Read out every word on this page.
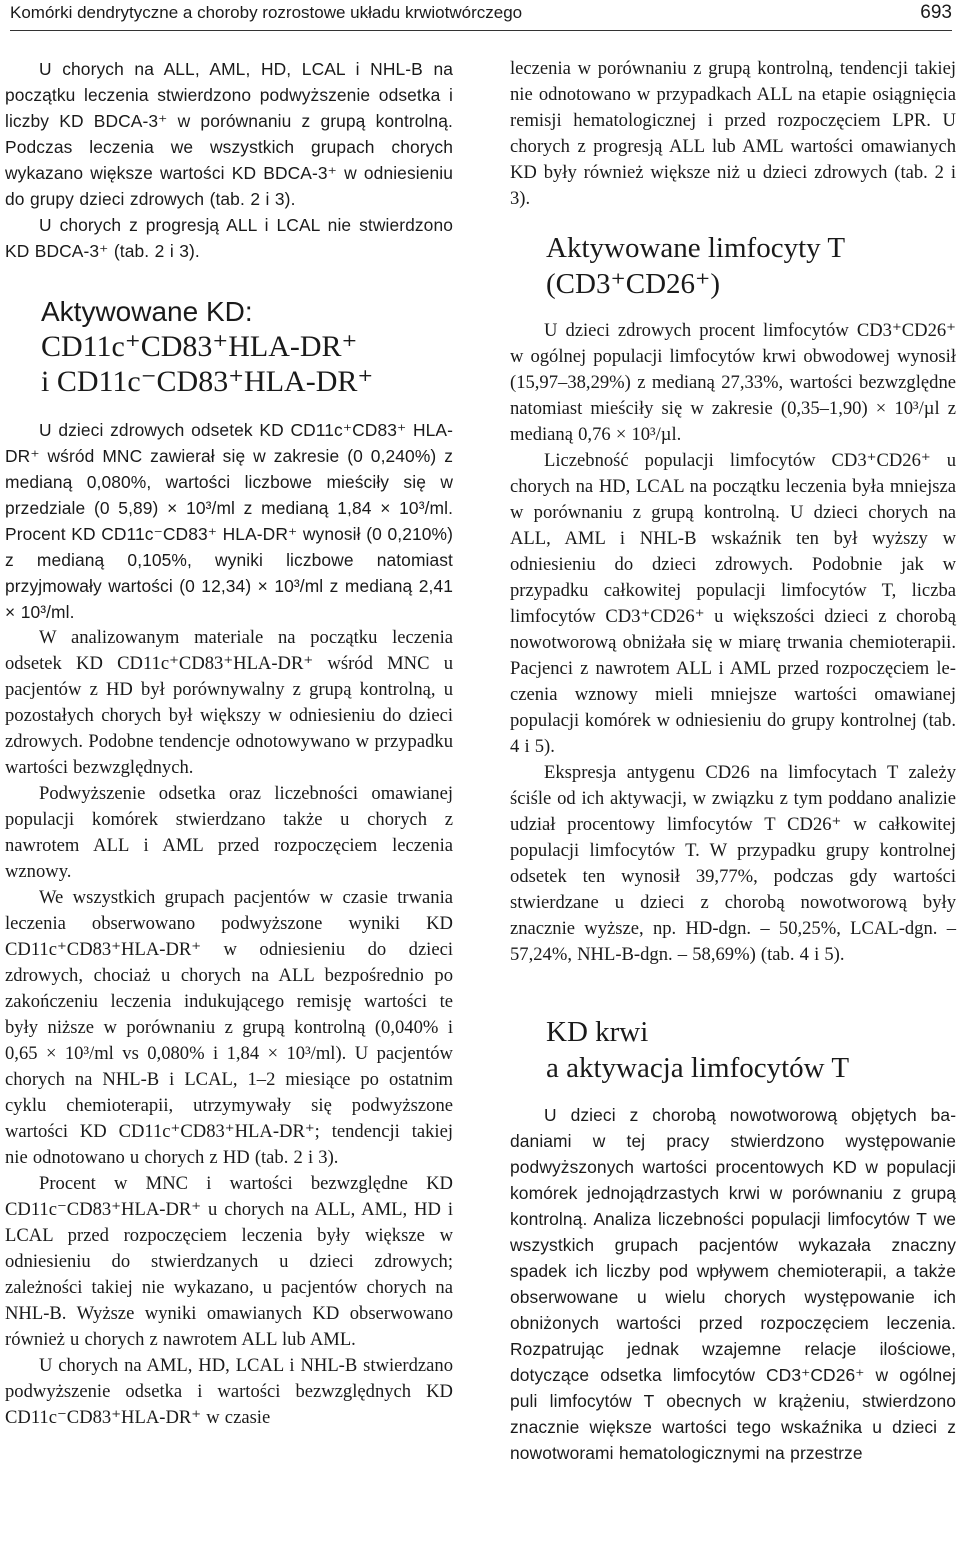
Komórki dendrytyczne a choroby rozrostowe układu krwiotwórczego	693

U chorych na ALL, AML, HD, LCAL i NHL-B na początku leczenia stwierdzono podwyższenie odsetka i liczby KD BDCA-3⁺ w porównaniu z grupą kontrolną. Podczas leczenia we wszystkich grupach chorych wykazano większe wartości KD BDCA-3⁺ w odniesieniu do grupy dzieci zdrowych (tab. 2 i 3).

U chorych z progresją ALL i LCAL nie stwierdzono KD BDCA-3⁺ (tab. 2 i 3).

Aktywowane KD:
CD11c⁺CD83⁺HLA-DR⁺
i CD11c⁻CD83⁺HLA-DR⁺

U dzieci zdrowych odsetek KD CD11c⁺CD83⁺ HLA-DR⁺ wśród MNC zawierał się w zakresie (0 0,240%) z medianą 0,080%, wartości liczbowe mieściły się w przedziale (0 5,89) × 10³/ml z medianą 1,84 × 10³/ml. Procent KD CD11c⁻CD83⁺ HLA-DR⁺ wynosił (0 0,210%) z medianą 0,105%, wyniki liczbowe natomiast przyjmowały wartości (0 12,34) × 10³/ml z medianą 2,41 × 10³/ml.

W analizowanym materiale na początku leczenia odsetek KD CD11c⁺CD83⁺HLA-DR⁺ wśród MNC u pacjentów z HD był porównywalny z grupą kontrolną, u pozostałych chorych był większy w odniesieniu do dzieci zdrowych. Podobne tendencje odnotowywano w przypadku wartości bezwzględnych.

Podwyższenie odsetka oraz liczebności omawianej populacji komórek stwierdzano także u chorych z nawrotem ALL i AML przed rozpoczęciem leczenia wznowy.

We wszystkich grupach pacjentów w czasie trwania leczenia obserwowano podwyższone wyniki KD CD11c⁺CD83⁺HLA-DR⁺ w odniesieniu do dzieci zdrowych, chociaż u chorych na ALL bezpośrednio po zakończeniu leczenia indukującego remisję wartości te były niższe w porównaniu z grupą kontrolną (0,040% i 0,65 × 10³/ml vs 0,080% i 1,84 × 10³/ml). U pacjentów chorych na NHL-B i LCAL, 1–2 miesiące po ostatnim cyklu chemioterapii, utrzymywały się podwyższone wartości KD CD11c⁺CD83⁺HLA-DR⁺; tendencji takiej nie odnotowano u chorych z HD (tab. 2 i 3).

Procent w MNC i wartości bezwzględne KD CD11c⁻CD83⁺HLA-DR⁺ u chorych na ALL, AML, HD i LCAL przed rozpoczęciem leczenia były większe w odniesieniu do stwierdzanych u dzieci zdrowych; zależności takiej nie wykazano, u pacjentów chorych na NHL-B. Wyższe wyniki omawianych KD obserwowano również u chorych z nawrotem ALL lub AML.

U chorych na AML, HD, LCAL i NHL-B stwierdzano podwyższenie odsetka i wartości bezwzględnych KD CD11c⁻CD83⁺HLA-DR⁺ w czasie

leczenia w porównaniu z grupą kontrolną, tendencji takiej nie odnotowano w przypadkach ALL na etapie osiągnięcia remisji hematologicznej i przed rozpoczęciem LPR. U chorych z progresją ALL lub AML wartości omawianych KD były również większe niż u dzieci zdrowych (tab. 2 i 3).

Aktywowane limfocyty T
(CD3⁺CD26⁺)

U dzieci zdrowych procent limfocytów CD3⁺CD26⁺ w ogólnej populacji limfocytów krwi obwodowej wynosił (15,97–38,29%) z medianą 27,33%, wartości bezwzględne natomiast mieściły się w zakresie (0,35–1,90) × 10³/µl z medianą 0,76 × 10³/µl.

Liczebność populacji limfocytów CD3⁺CD26⁺ u chorych na HD, LCAL na początku leczenia była mniejsza w porównaniu z grupą kontrolną. U dzieci chorych na ALL, AML i NHL-B wskaźnik ten był wyższy w odniesieniu do dzieci zdrowych. Podobnie jak w przypadku całkowitej populacji limfocytów T, liczba limfocytów CD3⁺CD26⁺ u większości dzieci z chorobą nowotworową obniżała się w miarę trwania chemioterapii. Pacjenci z nawrotem ALL i AML przed rozpoczęciem leczenia wznowy mieli mniejsze wartości omawianej populacji komórek w odniesieniu do grupy kontrolnej (tab. 4 i 5).

Ekspresja antygenu CD26 na limfocytach T zależy ściśle od ich aktywacji, w związku z tym poddano analizie udział procentowy limfocytów T CD26⁺ w całkowitej populacji limfocytów T. W przypadku grupy kontrolnej odsetek ten wynosił 39,77%, podczas gdy wartości stwierdzane u dzieci z chorobą nowotworową były znacznie wyższe, np. HD-dgn. – 50,25%, LCAL-dgn. – 57,24%, NHL-B-dgn. – 58,69%) (tab. 4 i 5).

KD krwi
a aktywacja limfocytów T

U dzieci z chorobą nowotworową objętych badaniami w tej pracy stwierdzono występowanie podwyższonych wartości procentowych KD w populacji komórek jednojądrzastych krwi w porównaniu z grupą kontrolną. Analiza liczebności populacji limfocytów T we wszystkich grupach pacjentów wykazała znaczny spadek ich liczby pod wpływem chemioterapii, a także obserwowane u wielu chorych występowanie ich obniżonych wartości przed rozpoczęciem leczenia. Rozpatrując jednak wzajemne relacje ilościowe, dotyczące odsetka limfocytów CD3⁺CD26⁺ w ogólnej puli limfocytów T obecnych w krążeniu, stwierdzono znacznie większe wartości tego wskaźnika u dzieci z nowotworami hematologicznymi na przestrze
